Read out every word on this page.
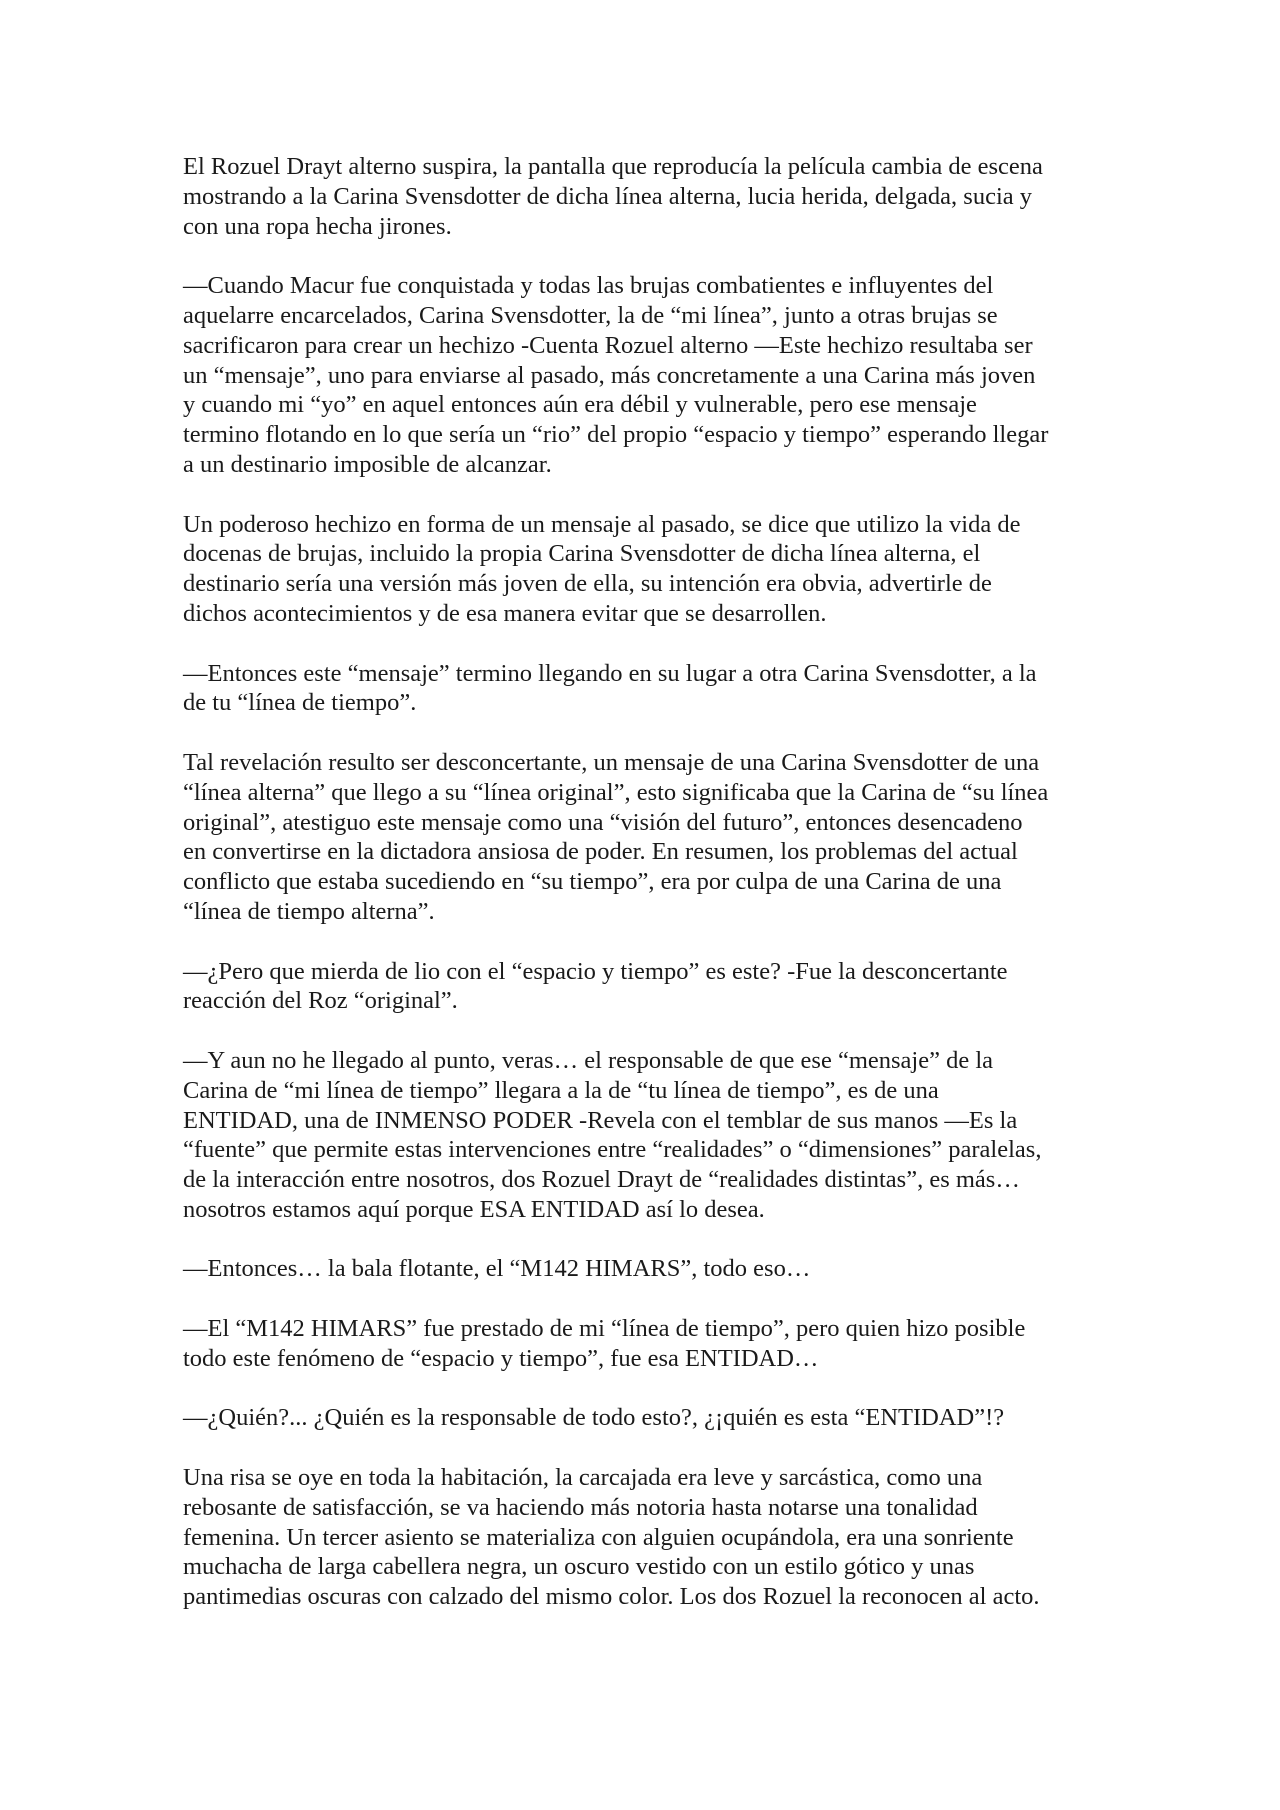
El Rozuel Drayt alterno suspira, la pantalla que reproducía la película cambia de escena
mostrando a la Carina Svensdotter de dicha línea alterna, lucia herida, delgada, sucia y
con una ropa hecha jirones.

—Cuando Macur fue conquistada y todas las brujas combatientes e influyentes del
aquelarre encarcelados, Carina Svensdotter, la de “mi línea”, junto a otras brujas se
sacrificaron para crear un hechizo -Cuenta Rozuel alterno —Este hechizo resultaba ser
un “mensaje”, uno para enviarse al pasado, más concretamente a una Carina más joven
y cuando mi “yo” en aquel entonces aún era débil y vulnerable, pero ese mensaje
termino flotando en lo que sería un “rio” del propio “espacio y tiempo” esperando llegar
a un destinario imposible de alcanzar.

Un poderoso hechizo en forma de un mensaje al pasado, se dice que utilizo la vida de
docenas de brujas, incluido la propia Carina Svensdotter de dicha línea alterna, el
destinario sería una versión más joven de ella, su intención era obvia, advertirle de
dichos acontecimientos y de esa manera evitar que se desarrollen.

—Entonces este “mensaje” termino llegando en su lugar a otra Carina Svensdotter, a la
de tu “línea de tiempo”.

Tal revelación resulto ser desconcertante, un mensaje de una Carina Svensdotter de una
“línea alterna” que llego a su “línea original”, esto significaba que la Carina de “su línea
original”, atestiguo este mensaje como una “visión del futuro”, entonces desencadeno
en convertirse en la dictadora ansiosa de poder. En resumen, los problemas del actual
conflicto que estaba sucediendo en “su tiempo”, era por culpa de una Carina de una
“línea de tiempo alterna”.

—¿Pero que mierda de lio con el “espacio y tiempo” es este? -Fue la desconcertante
reacción del Roz “original”.

—Y aun no he llegado al punto, veras… el responsable de que ese “mensaje” de la
Carina de “mi línea de tiempo” llegara a la de “tu línea de tiempo”, es de una
ENTIDAD, una de INMENSO PODER -Revela con el temblar de sus manos —Es la
“fuente” que permite estas intervenciones entre “realidades” o “dimensiones” paralelas,
de la interacción entre nosotros, dos Rozuel Drayt de “realidades distintas”, es más…
nosotros estamos aquí porque ESA ENTIDAD así lo desea.

—Entonces… la bala flotante, el “M142 HIMARS”, todo eso…

—El “M142 HIMARS” fue prestado de mi “línea de tiempo”, pero quien hizo posible
todo este fenómeno de “espacio y tiempo”, fue esa ENTIDAD…

—¿Quién?... ¿Quién es la responsable de todo esto?, ¿¡quién es esta “ENTIDAD”!?

Una risa se oye en toda la habitación, la carcajada era leve y sarcástica, como una
rebosante de satisfacción, se va haciendo más notoria hasta notarse una tonalidad
femenina. Un tercer asiento se materializa con alguien ocupándola, era una sonriente
muchacha de larga cabellera negra, un oscuro vestido con un estilo gótico y unas
pantimedias oscuras con calzado del mismo color. Los dos Rozuel la reconocen al acto.
